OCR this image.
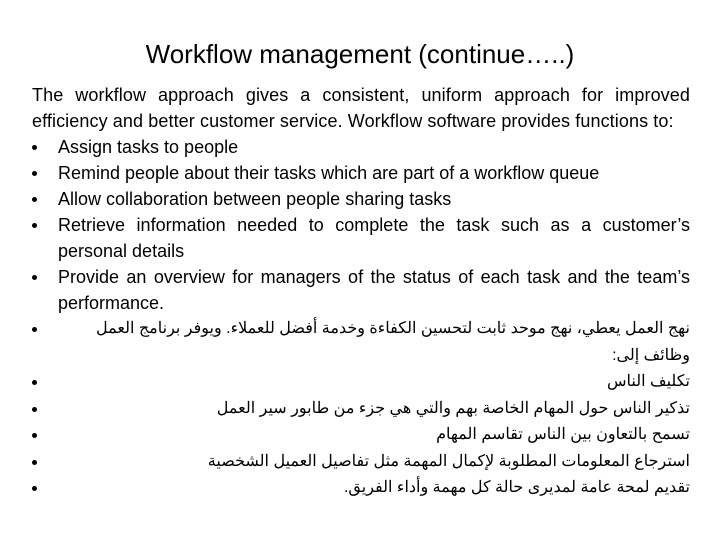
Workflow management (continue…..)

The workflow approach gives a consistent, uniform approach for improved efficiency and better customer service. Workflow software provides functions to:

Assign tasks to people
Remind people about their tasks which are part of a workflow queue
Allow collaboration between people sharing tasks
Retrieve information needed to complete the task such as a customer’s personal details
Provide an overview for managers of the status of each task and the team’s performance.
نهج العمل يعطي، نهج موحد ثابت لتحسين الكفاءة وخدمة أفضل للعملاء. ويوفر برنامج العمل وظائف إلى:
تكليف الناس
تذكير الناس حول المهام الخاصة بهم والتي هي جزء من طابور سير العمل
تسمح بالتعاون بين الناس تقاسم المهام
استرجاع المعلومات المطلوبة لإكمال المهمة مثل تفاصيل العميل الشخصية
تقديم لمحة عامة لمديرى حالة كل مهمة وأداء الفريق.
